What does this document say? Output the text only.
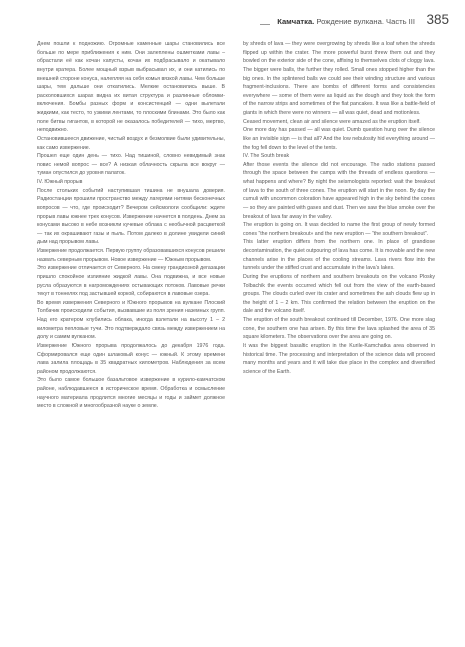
Камчатка. Рождение вулкана. Часть III 385

Днем пошли к подножию. Огромные каменные шары становились все больше по мере приближения к ним. Они залеплены ошметками лавы –обрастали её как кочан капусты, кочан их подбрасывало и окатывало внутри кратера. Более мощный взрыв выбрасывал их, и они катились по внешней стороне конуса, налепляя на себя комья вязкой лавы. Чем больше шары, тем дальше они откатились. Мелкие остановились выше. В расколовшихся шарах видна их витая структура и разлинные обломки-включения. Бомбы разных форм и консистенций — одни вылетали жидкими, как тесто, то узкими лентами, то плоскими блинами. Это было как поле битвы гигантов, в которой не оказалось победителей — тихо, мертво, неподвижно.

Остановившееся движение, чистый воздух и безмолвие были удивительны, как само извержение.

Прошел еще один день — тихо. Над тишиной, словно невидимый знак повис немой вопрос — все? А низкая облачность скрыла все вокруг — туман опустился до уровня палаток.

IV. Южный прорыв

После стольких событий наступившая тишина не внушала доверия. Радиостанции прошили пространство между лагерями нитями бесконечных вопросов — что, где происходит? Вечером сейсмологи сообщили: ждите прорыв лавы южнее трех конусов. Извержение начнется в полдень. Днем за конусами высоко в небе возникли кучевые облака с необычной расцветкой — так их окрашивают газы и пыль. Потом далеко в долине увидели синий дым над прорывом лавы.

Извержение продолжается. Первую группу образовавшихся конусов решили назвать северным прорывом. Новое извержение — Южным прорывом.

Это извержение отличается от Северного. На смену грандиозной дегазации пришло спокойное излияние жидкой лавы. Она подвижна, и все новые русла образуются в нагромождениях остывающих потоков. Лавовые речки текут в тоннелях под застывшей коркой, собираются в лавовые озера.

Во время извержения Северного и Южного прорывов на вулкане Плоский Толбачик происходили события, вызвавшие из поля зрения наземных групп. Над его кратером клубились облака, иногда взлетали на высоту 1 – 2 километра пепловые тучи. Это подтверждало связь между извержением на долу и самим вулканом.

Извержение Южного прорыва продолжалось до декабря 1976 года. Сформировался еще один шлаковый конус — южный. К этому времени лава залила площадь в 35 квадратных километров. Наблюдения за всем районом продолжаются.

Это было самое большое базальтовое извержение в курило-камчатском районе, наблюдавшееся в историческое время. Обработка и осмысление научного материала продлится многие месяцы и годы и займет должное место в сложной и многообразной науке о земле.

by shreds of lava — they were overgrowing by shreds like a loaf when the shreds flipped up within the crater. The more powerful burst threw them out and they bowled on the exterior side of the cone, affixing to themselves clots of cloggy lava. The bigger were balls, the further they rolled. Small ones stopped higher than the big ones. In the splintered balls we could see their winding structure and various fragment-inclusions. There are bombs of different forms and consistencies everywhere — some of them were as liquid as the dough and they took the form of the narrow strips and sometimes of the flat pancakes. It was like a battle-field of giants in which there were no winners — all was quiet, dead and motionless.

Ceased movement, clean air and silence were amazed as the eruption itself.

One more day has passed — all was quiet. Dumb question hung over the silence like an invisible sign — is that all? And the low nebulosity hid everything around — the fog fell down to the level of the tents.

IV. The South break

After those events the silence did not encourage. The radio stations passed through the space between the camps with the threads of endless questions — what happens and where? By night the seismologists reported: wait the breakout of lava to the south of three cones. The eruption will start in the noon. By day the cumuli with uncommon coloration have appeared high in the sky behind the cones — so they are painted with gases and dust. Then we saw the blue smoke over the breakout of lava far away in the valley.

The eruption is going on. It was decided to name the first group of newly formed cones “the northern breakout» and the new eruption — “the southern breakout”.

This latter eruption differs from the northern one. In place of grandiose decontamination, the quiet outpouring of lava has come. It is movable and the new channels arise in the places of the cooling streams. Lava rivers flow into the tunnels under the stiffed crust and accumulate in the lava’s lakes.

During the eruptions of northern and southern breakouts on the volcano Plosky Tolbachik the events occurred which fell out from the view of the earth-based groups. The clouds curled over its crater and sometimes the ash clouds flew up in the height of 1 – 2 km. This confirmed the relation between the eruption on the dale and the volcano itself.

The eruption of the south breakout continued till December, 1976. One more slag cone, the southern one has arisen. By this time the lava splashed the area of 35 square kilometers. The observations over the area are going on.

It was the biggest basaltic eruption in the Kurile-Kamchatka area observed in historical time. The processing and interpretation of the science data will proceed many months and years and it will take due place in the complex and diversified science of the Earth.
